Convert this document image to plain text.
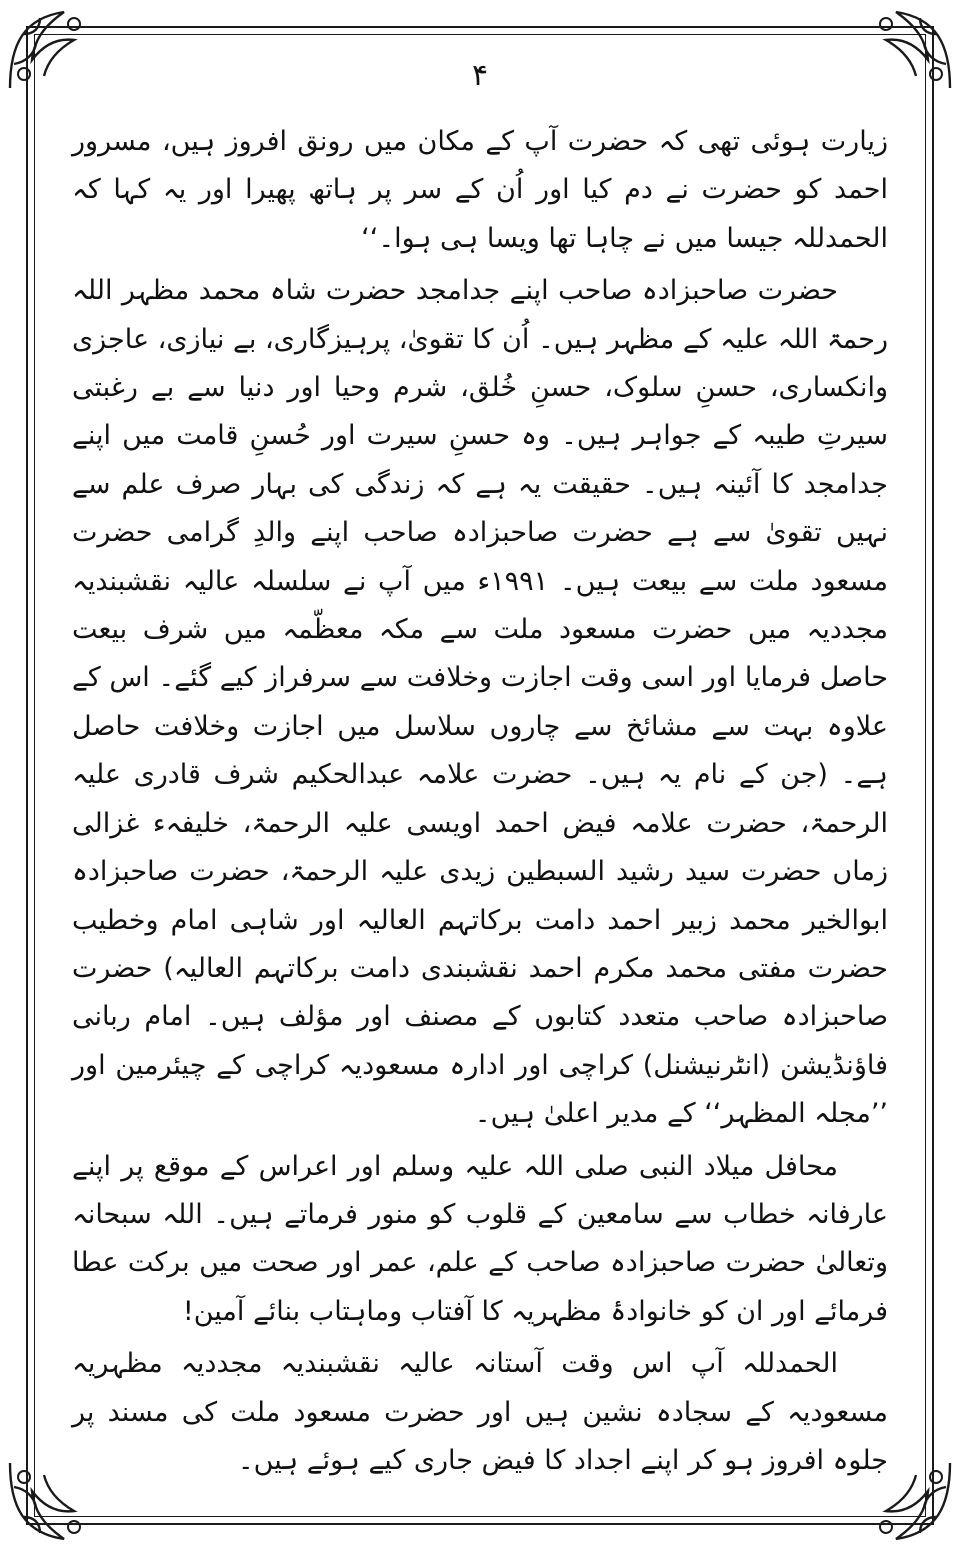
۴

زیارت ہوئی تھی کہ حضرت آپ کے مکان میں رونق افروز ہیں، مسرور احمد کو حضرت نے دم کیا اور اُن کے سر پر ہاتھ پھیرا اور یہ کہا کہ الحمدللہ جیسا میں نے چاہا تھا ویسا ہی ہوا۔‘‘

حضرت صاحبزادہ صاحب اپنے جدامجد حضرت شاہ محمد مظہر اللہ رحمۃ اللہ علیہ کے مظہر ہیں۔ اُن کا تقویٰ، پرہیزگاری، بے نیازی، عاجزی وانکساری، حسنِ سلوک، حسنِ خُلق، شرم وحیا اور دنیا سے بے رغبتی سیرتِ طیبہ کے جواہر ہیں۔ وہ حسنِ سیرت اور حُسنِ قامت میں اپنے جدامجد کا آئینہ ہیں۔ حقیقت یہ ہے کہ زندگی کی بہار صرف علم سے نہیں تقویٰ سے ہے حضرت صاحبزادہ صاحب اپنے والدِ گرامی حضرت مسعود ملت سے بیعت ہیں۔ ۱۹۹۱ء میں آپ نے سلسلہ عالیہ نقشبندیہ مجددیہ میں حضرت مسعود ملت سے مکہ معظّمہ میں شرف بیعت حاصل فرمایا اور اسی وقت اجازت وخلافت سے سرفراز کیے گئے۔ اس کے علاوہ بہت سے مشائخ سے چاروں سلاسل میں اجازت وخلافت حاصل ہے۔ (جن کے نام یہ ہیں۔ حضرت علامہ عبدالحکیم شرف قادری علیہ الرحمۃ، حضرت علامہ فیض احمد اویسی علیہ الرحمۃ، خلیفہء غزالی زماں حضرت سید رشید السبطین زیدی علیہ الرحمۃ، حضرت صاحبزادہ ابوالخیر محمد زبیر احمد دامت برکاتہم العالیہ اور شاہی امام وخطیب حضرت مفتی محمد مکرم احمد نقشبندی دامت برکاتہم العالیہ) حضرت صاحبزادہ صاحب متعدد کتابوں کے مصنف اور مؤلف ہیں۔ امام ربانی فاؤنڈیشن (انٹرنیشنل) کراچی اور ادارہ مسعودیہ کراچی کے چیئرمین اور ’’مجلہ المظہر‘‘ کے مدیر اعلیٰ ہیں۔

محافل میلاد النبی صلی اللہ علیہ وسلم اور اعراس کے موقع پر اپنے عارفانہ خطاب سے سامعین کے قلوب کو منور فرماتے ہیں۔ اللہ سبحانہ وتعالیٰ حضرت صاحبزادہ صاحب کے علم، عمر اور صحت میں برکت عطا فرمائے اور ان کو خانوادۂ مظہریہ کا آفتاب وماہتاب بنائے آمین!

الحمدللہ آپ اس وقت آستانہ عالیہ نقشبندیہ مجددیہ مظہریہ مسعودیہ کے سجادہ نشین ہیں اور حضرت مسعود ملت کی مسند پر جلوہ افروز ہو کر اپنے اجداد کا فیض جاری کیے ہوئے ہیں۔
